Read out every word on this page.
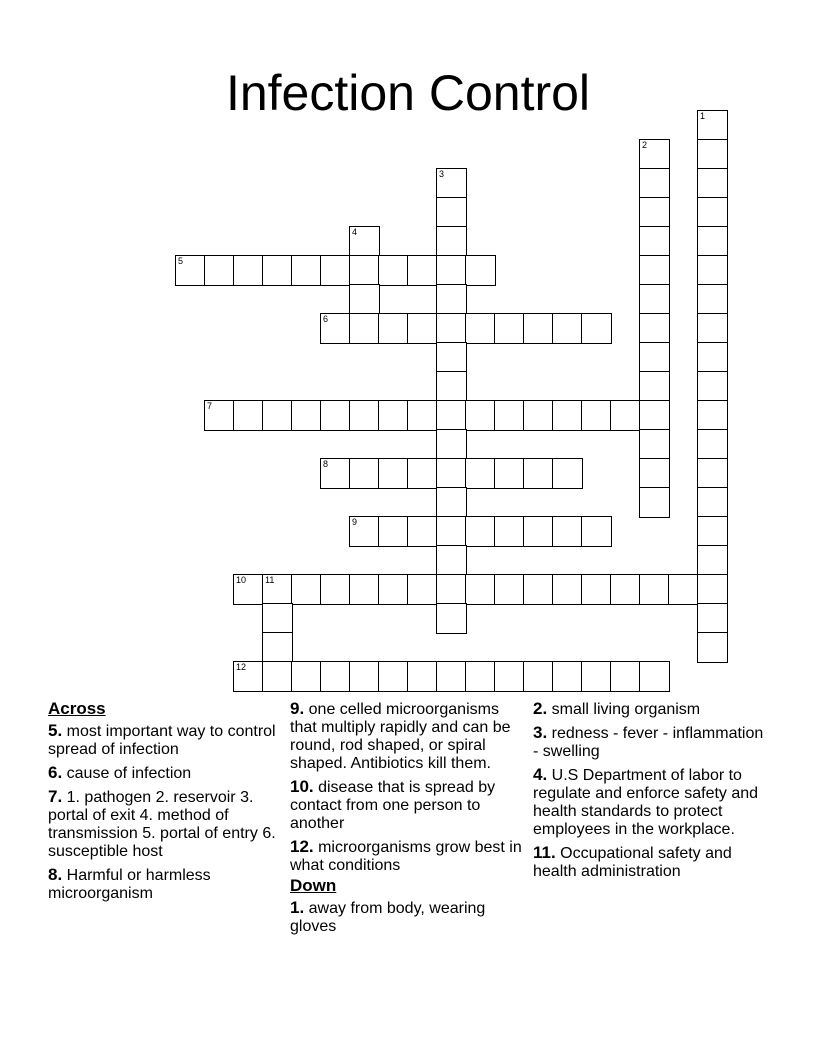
Infection Control	1
2
3
4
5
6
7
8
9
10 11
12
Across
5. most important way to control spread of infection
6. cause of infection
7. 1. pathogen 2. reservoir 3. portal of exit 4. method of transmission 5. portal of entry 6. susceptible host
8. Harmful or harmless microorganism
9. one celled microorganisms that multiply rapidly and can be round, rod shaped, or spiral shaped. Antibiotics kill them.
10. disease that is spread by contact from one person to another
12. microorganisms grow best in what conditions
Down
1. away from body, wearing gloves
2. small living organism
3. redness - fever - inflammation - swelling
4. U.S Department of labor to regulate and enforce safety and health standards to protect employees in the workplace.
11. Occupational safety and health administration
